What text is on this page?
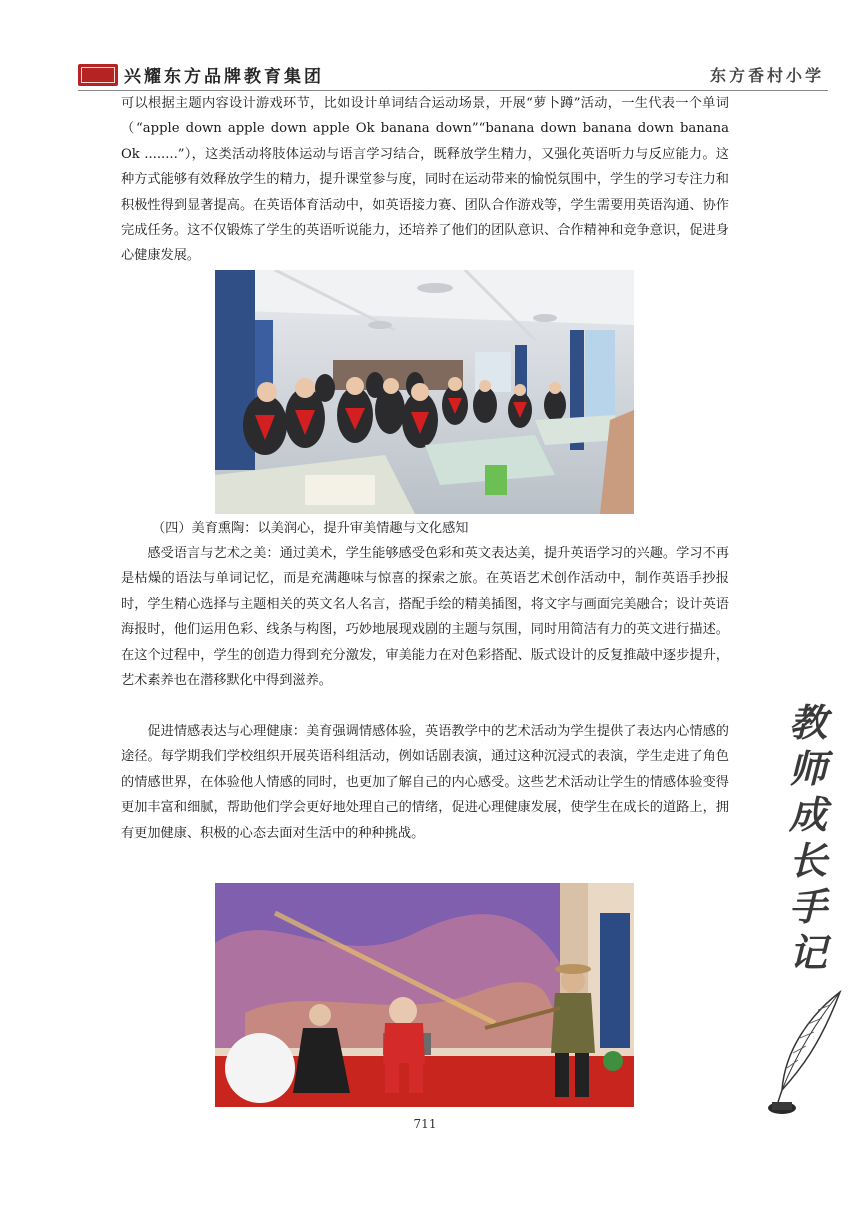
兴耀东方品牌教育集团	东方香村小学

可以根据主题内容设计游戏环节，比如设计单词结合运动场景，开展“萝卜蹲”活动，一生代表一个单词（“apple down apple down apple Ok banana down”“banana down banana down banana Ok ........”），这类活动将肢体运动与语言学习结合，既释放学生精力，又强化英语听力与反应能力。这种方式能够有效释放学生的精力，提升课堂参与度，同时在运动带来的愉悦氛围中，学生的学习专注力和积极性得到显著提高。在英语体育活动中，如英语接力赛、团队合作游戏等，学生需要用英语沟通、协作完成任务。这不仅锻炼了学生的英语听说能力，还培养了他们的团队意识、合作精神和竞争意识，促进身心健康发展。

（四）美育熏陶：以美润心，提升审美情趣与文化感知

感受语言与艺术之美：通过美术，学生能够感受色彩和英文表达美，提升英语学习的兴趣。学习不再是枯燥的语法与单词记忆，而是充满趣味与惊喜的探索之旅。在英语艺术创作活动中，制作英语手抄报时，学生精心选择与主题相关的英文名人名言，搭配手绘的精美插图，将文字与画面完美融合；设计英语海报时，他们运用色彩、线条与构图，巧妙地展现戏剧的主题与氛围，同时用简洁有力的英文进行描述。在这个过程中，学生的创造力得到充分激发，审美能力在对色彩搭配、版式设计的反复推敲中逐步提升，艺术素养也在潜移默化中得到滋养。

促进情感表达与心理健康：美育强调情感体验，英语教学中的艺术活动为学生提供了表达内心情感的途径。每学期我们学校组织开展英语科组活动，例如话剧表演，通过这种沉浸式的表演，学生走进了角色的情感世界，在体验他人情感的同时，也更加了解自己的内心感受。这些艺术活动让学生的情感体验变得更加丰富和细腻，帮助他们学会更好地处理自己的情绪，促进心理健康发展，使学生在成长的道路上，拥有更加健康、积极的心态去面对生活中的种种挑战。

711
教
师
成
长
手
记
